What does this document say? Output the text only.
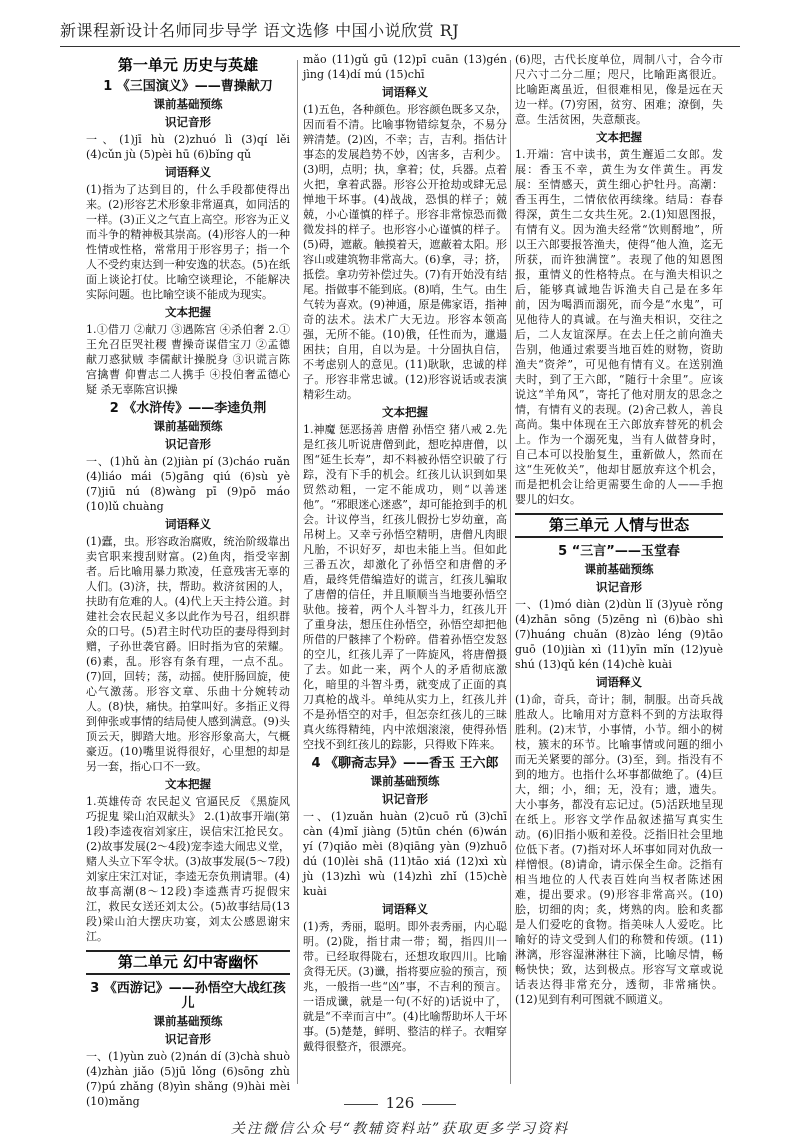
新课程新设计名师同步导学 语文选修 中国小说欣赏 RJ
第一单元 历史与英雄
1 《三国演义》——曹操献刀
课前基础预练
识记音形

一、(1)jī hù (2)zhuó lì (3)qí lěi (4)cǔn jù (5)pèi hū (6)bǐng qǔ

词语释义

(1)指为了达到目的，什么手段都使得出来。(2)形容艺术形象非常逼真，如同活的一样。(3)正义之气直上高空。形容为正义而斗争的精神极其崇高。(4)形容人的一种性情或性格，常常用于形容男子；指一个人不受约束达到一种安逸的状态。(5)在纸面上谈论打仗。比喻空谈理论，不能解决实际问题。也比喻空谈不能成为现实。

文本把握

1.①借刀 ②献刀 ③遇陈宫 ④杀伯奢 2.①王允召臣哭社稷 曹操奇谋借宝刀 ②孟德献刀惑狱贼 李儒献计操脱身 ③识谎言陈宫擒曹 仰曹志二人携手 ④投伯奢孟德心疑 杀无辜陈宫识操

2 《水浒传》——李逵负荆
课前基础预练
识记音形

一、(1)hǔ àn (2)jiàn pí (3)cháo ruǎn (4)liáo mái (5)gāng qiú (6)sù yè (7)jiū nú (8)wàng pī (9)pō máo (10)lǔ chuàng

词语释义

(1)蠹，虫。形容政治腐败，统治阶级靠出卖官职来搜刮财富。(2)鱼肉，指受宰割者。后比喻用暴力欺凌，任意残害无辜的人们。(3)济，扶，帮助。救济贫困的人，扶助有危难的人。(4)代上天主持公道。封建社会农民起义多以此作为号召，组织群众的口号。(5)君主时代功臣的妻母得到封赠，子孙世袭官爵。旧时指为官的荣耀。(6)素，乱。形容有条有理，一点不乱。(7)回，回转；荡，动摇。使肝肠回旋，使心气激荡。形容文章、乐曲十分婉转动人。(8)快，痛快。拍掌叫好。多指正义得到伸张或事情的结局使人感到满意。(9)头顶云天，脚踏大地。形容形象高大，气概豪迈。(10)嘴里说得很好，心里想的却是另一套，指心口不一致。

文本把握

1.英雄传奇 农民起义 官逼民反 《黑旋风巧捉鬼 梁山泊双献头》 2.(1)故事开端(第1段)李逵夜宿刘家庄，误信宋江抢民女。(2)故事发展(2～4段)宠李逵大闹忠义堂，赌人头立下军令状。(3)故事发展(5～7段)刘家庄宋江对证，李逵无奈负荆请罪。(4)故事高潮(8～12段)李逵燕青巧捉假宋江，救民女送还刘太公。(5)故事结局(13段)梁山泊大摆庆功宴，刘太公感恩谢宋江。

第二单元 幻中寄幽怀
3 《西游记》——孙悟空大战红孩儿
课前基础预练
识记音形

一、(1)yùn zuò (2)nán dí (3)chà shuò (4)zhàn jiǎo (5)jū lǒng (6)sōng zhù (7)pú zhǎng (8)yìn shǎng (9)hài mèi (10)mǎng

mǎo (11)gǔ gū (12)pī cuān (13)gén jìng (14)dí mú (15)chī

词语释义

(1)五色，各种颜色。形容颜色既多又杂，因而看不清。比喻事物错综复杂，不易分辨清楚。(2)凶，不幸；吉，吉利。指估计事态的发展趋势不妙，凶害多，吉利少。(3)明，点明；执，拿着；仗，兵器。点着火把，拿着武器。形容公开抢劫或肆无忌惮地干坏事。(4)战战，恐惧的样子；兢兢，小心谨慎的样子。形容非常惊恐而微微发抖的样子。也形容小心谨慎的样子。(5)碍，遮蔽。触摸着天，遮蔽着太阳。形容山或建筑物非常高大。(6)拿，寻；挤，抵偿。拿功劳补偿过失。(7)有开始没有结尾。指做事不能到底。(8)哨，生气。由生气转为喜欢。(9)神通，原是佛家语，指神奇的法术。法术广大无边。形容本领高强，无所不能。(10)俄，任性而为，邋遢困扶；自用，自以为是。十分固执自信，不考虑别人的意见。(11)耿耿，忠诚的样子。形容非常忠诚。(12)形容说话或表演精彩生动。

文本把握

1.神魔 惩恶扬善 唐僧 孙悟空 猪八戒 2.先是红孩儿听说唐僧到此，想吃掉唐僧，以图“延生长寿”，却不料被孙悟空识破了行踪，没有下手的机会。红孩儿认识到如果贸然动粗，一定不能成功，则“以善迷他”。“邪眼迷心迷惑”，却可能抢到手的机会。计议停当，红孩儿假扮七岁幼童，高吊树上。又幸亏孙悟空精明，唐僧凡肉眼凡胎，不识好歹，却也未能上当。但如此三番五次，却激化了孙悟空和唐僧的矛盾，最终凭借编造好的谎言，红孩儿骗取了唐僧的信任，并且顺顺当当地要孙悟空驮他。接着，两个人斗智斗力，红孩儿开了重身法，想压住孙悟空，孙悟空却把他所借的尸骸摔了个粉碎。借着孙悟空发怒的空儿，红孩儿弄了一阵旋风，将唐僧摄了去。如此一来，两个人的矛盾彻底激化，暗里的斗智斗勇，就变成了正面的真刀真枪的战斗。单纯从实力上，红孩儿并不是孙悟空的对手，但怎奈红孩儿的三昧真火练得精纯，内中浓烟滚滚，使得孙悟空找不到红孩儿的踪影，只得败下阵来。

4 《聊斋志异》——香玉 王六郎
课前基础预练
识记音形

一、(1)zuǎn huàn (2)cuō rǔ (3)chī càn (4)mǐ jiàng (5)tūn chén (6)wán yí (7)qiǎo mèi (8)qiāng yàn (9)zhuō dú (10)lèi shā (11)tāo xiá (12)xì xù jù (13)zhì wù (14)zhì zhǐ (15)chè kuài

词语释义

(1)秀，秀丽，聪明。即外表秀丽，内心聪明。(2)陇，指甘肃一带；蜀，指四川一带。已经取得陇右，还想攻取四川。比喻贪得无厌。(3)谶，指将要应验的预言，预兆，一般指一些“凶”事，不吉利的预言。一语成谶，就是一句(不好的)话说中了，就是“不幸而言中”。(4)比喻帮助坏人干坏事。(5)楚楚，鲜明、整洁的样子。衣帽穿戴得很整齐，很漂亮。

(6)咫，古代长度单位，周制八寸，合今市尺六寸二分二厘；咫尺，比喻距离很近。比喻距离虽近，但很难相见，像是远在天边一样。(7)穷困，贫穷、困难；潦倒，失意。生活贫困，失意颓丧。

文本把握

1.开端：宫中读书，黄生邂逅二女郎。发展：香玉不幸，黄生为女伴黄生。再发展：至情感天，黄生细心护牡丹。高潮：香玉再生，二情依依再续缘。结局：春春得深，黄生二女共生死。2.(1)知恩图报，有情有义。因为渔夫经常“饮则酹地”，所以王六郎要报答渔夫，使得“他人渔，迄无所获，而许独满筐”。表现了他的知恩图报，重情义的性格特点。在与渔夫相识之后，能够真诚地告诉渔夫自己是在多年前，因为喝酒而溺死，而今是“水鬼”，可见他待人的真诚。在与渔夫相识，交往之后，二人友谊深厚。在去上任之前向渔夫告别，他通过索要当地百姓的财物，资助渔夫“资斧”，可见他有情有义。在送别渔夫时，到了王六郎，“随行十余里”。应该说这“羊角风”，寄托了他对朋友的思念之情，有情有义的表现。(2)舍己救人，善良高尚。集中体现在王六郎放弃替死的机会上。作为一个溺死鬼，当有人做替身时，自己本可以投胎复生，重新做人，然而在这“生死攸关”，他却甘愿放弃这个机会，而是把机会让给更需要生命的人——手抱婴儿的妇女。

第三单元 人情与世态
5 “三言”——玉堂春
课前基础预练
识记音形

一、(1)mó diàn (2)dùn lǐ (3)yuè rǒng (4)zhān sōng (5)zēng nì (6)bào shì (7)huáng chuǎn (8)zào léng (9)tāo guō (10)jiàn xì (11)yīn mǐn (12)yuè shú (13)qǔ kén (14)chè kuài

词语释义

(1)命，奇兵，奇计；制，制服。出奇兵战胜敌人。比喻用对方意料不到的方法取得胜利。(2)末节，小事情，小节。细小的树枝，簇末的环节。比喻事情或问题的细小而无关紧要的部分。(3)至，到。指没有不到的地方。也指什么坏事都做绝了。(4)巨大，细；小，细；无，没有；遗，遗失。大小事务，都没有忘记过。(5)活跃地呈现在纸上。形容文学作品叙述描写真实生动。(6)旧指小贩和差役。泛指旧社会里地位低下者。(7)指对坏人坏事如同对仇敌一样憎恨。(8)请命，请示保全生命。泛指有相当地位的人代表百姓向当权者陈述困难，提出要求。(9)形容非常高兴。(10)脍，切细的肉；炙，烤熟的肉。脍和炙都是人们爱吃的食物。指美味人人爱吃。比喻好的诗文受到人们的称赞和传颂。(11)淋漓，形容湿淋淋往下滴，比喻尽情，畅畅快快；致，达到极点。形容写文章或说话表达得非常充分，透彻，非常痛快。(12)见到有利可图就不顾道义。

126
关注微信公众号“教辅资料站”获取更多学习资料
